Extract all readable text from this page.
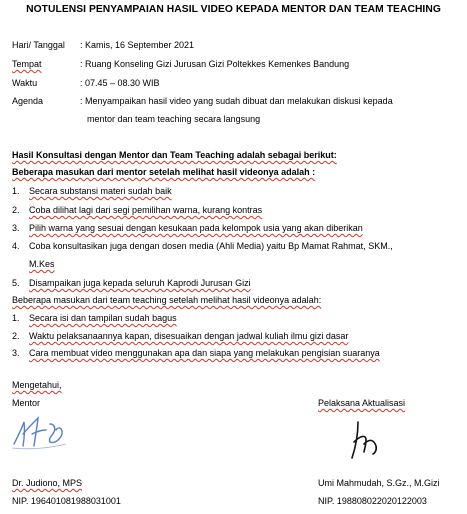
NOTULENSI PENYAMPAIAN HASIL VIDEO KEPADA MENTOR DAN TEAM TEACHING
Hari/ Tanggal : Kamis, 16 September 2021
Tempat	: Ruang Konseling Gizi Jurusan Gizi Poltekkes Kemenkes Bandung
Waktu	: 07.45 – 08.30 WIB
Agenda	: Menyampaikan hasil video yang sudah dibuat dan melakukan diskusi kepada
mentor dan team teaching secara langsung
Hasil Konsultasi dengan Mentor dan Team Teaching adalah sebagai berikut:
Beberapa masukan dari mentor setelah melihat hasil videonya adalah :
1. Secara substansi materi sudah baik
2. Coba dilihat lagi dari segi pemilihan warna, kurang kontras
3. Pilih warna yang sesuai dengan kesukaan pada kelompok usia yang akan diberikan
4. Coba konsultasikan juga dengan dosen media (Ahli Media) yaitu Bp Mamat Rahmat, SKM.,
M.Kes
5. Disampaikan juga kepada seluruh Kaprodi Jurusan Gizi
Beberapa masukan dari team teaching setelah melihat hasil videonya adalah:
1. Secara isi dan tampilan sudah bagus
2. Waktu pelaksanaannya kapan, disesuaikan dengan jadwal kuliah ilmu gizi dasar
3. Cara membuat video menggunakan apa dan siapa yang melakukan pengisian suaranya
Mengetahui,
Mentor	Pelaksana Aktualisasi
Dr. Judiono, MPS	Umi Mahmudah, S.Gz., M.Gizi
NIP. 196401081988031001	NIP. 198808022020122003
